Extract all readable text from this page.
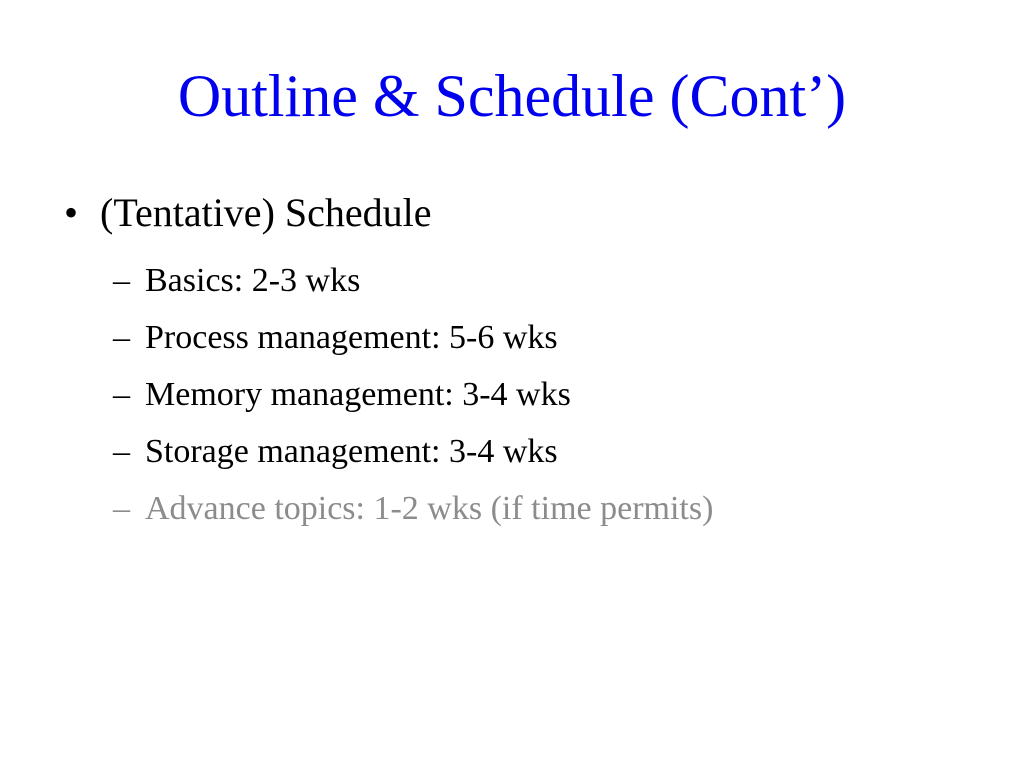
Outline & Schedule (Cont’)
• (Tentative) Schedule
– Basics: 2-3 wks
– Process management: 5-6 wks
– Memory management: 3-4 wks
– Storage management: 3-4 wks
– Advance topics: 1-2 wks (if time permits)
